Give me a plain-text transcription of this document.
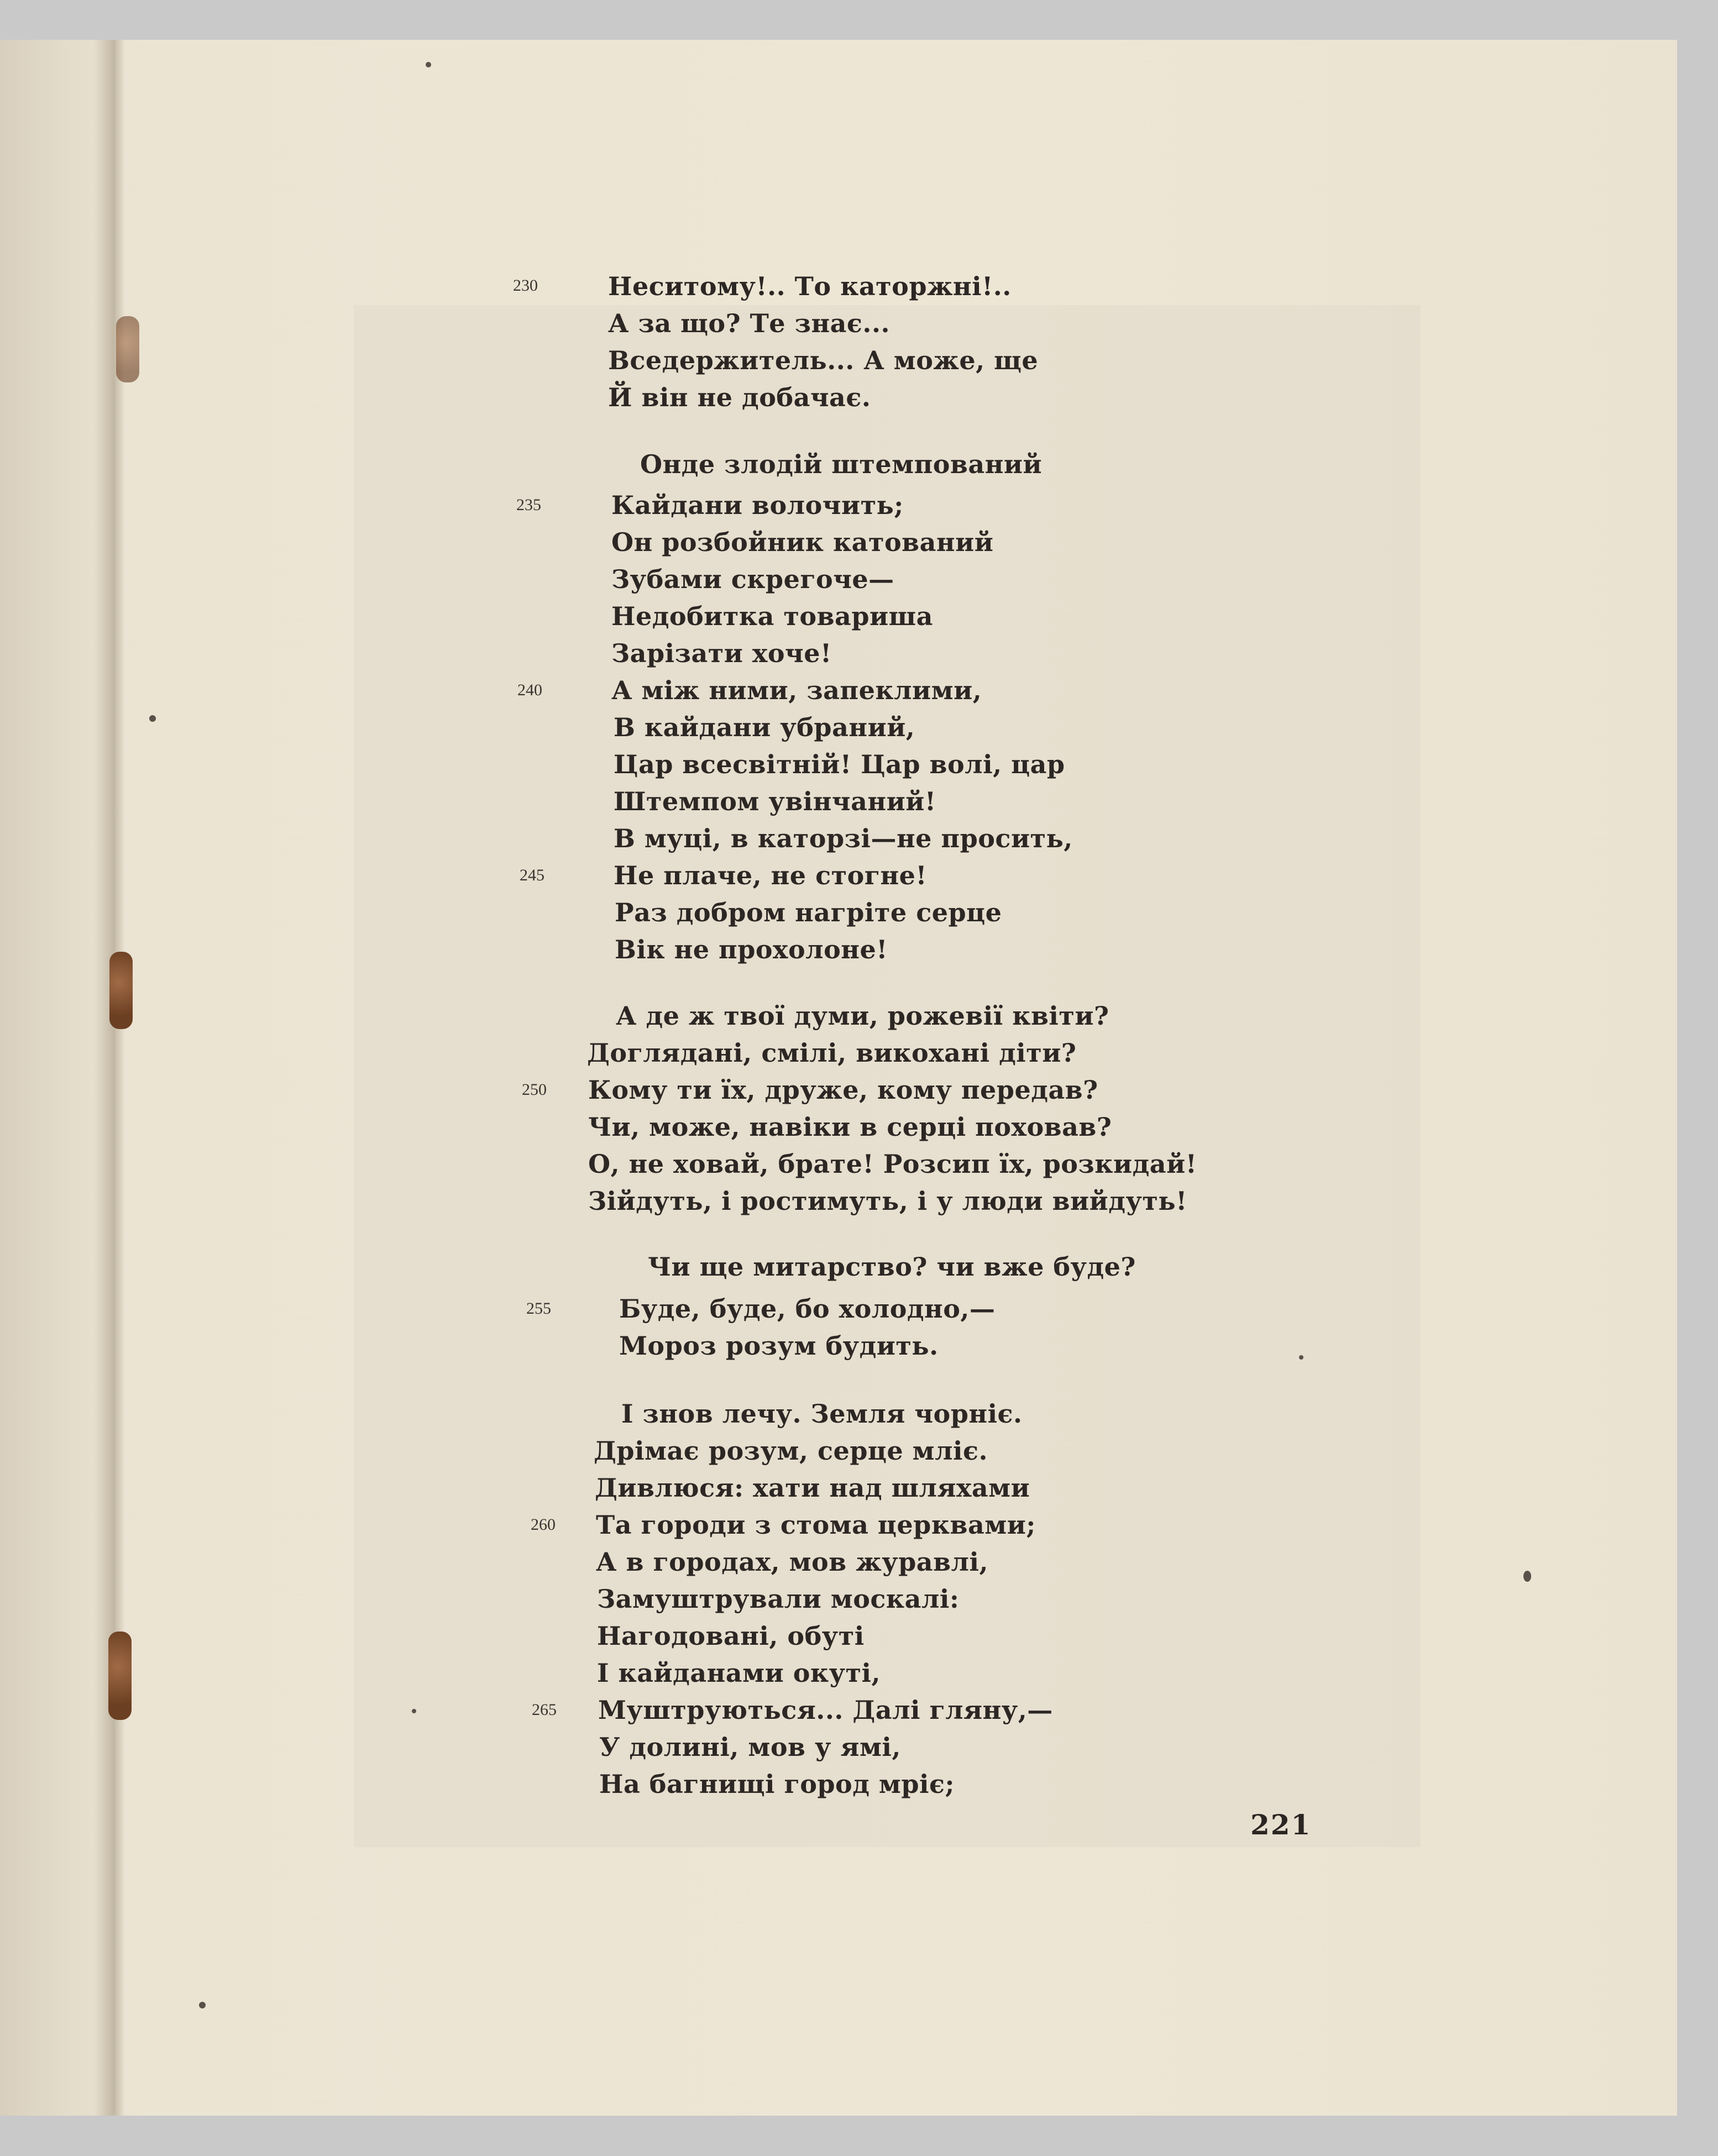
230	Неситому!.. То каторжні!..
А за що? Те знає...
Вседержитель... А може, ще
Й він не добачає.
Онде злодій штемпований
235	Кайдани волочить;
Он розбойник катований
Зубами скрегоче—
Недобитка товариша
Зарізати хоче!
240	А між ними, запеклими,
В кайдани убраний,
Цар всесвітній! Цар волі, цар
Штемпом увінчаний!
В муці, в каторзі—не просить,
245	Не плаче, не стогне!
Раз добром нагріте серце
Вік не прохолоне!
А де ж твої думи, рожевії квіти?
Доглядані, смілі, викохані діти?
250 Кому ти їх, друже, кому передав?
Чи, може, навіки в серці поховав?
О, не ховай, брате! Розсип їх, розкидай!
Зійдуть, і ростимуть, і у люди вийдуть!
Чи ще митарство? чи вже буде?
255	Буде, буде, бо холодно,—
Мороз розум будить.
І знов лечу. Земля чорніє.
Дрімає розум, серце мліє.
Дивлюся: хати над шляхами
260 Та городи з стома церквами;
А в городах, мов журавлі,
Замуштрували москалі:
Нагодовані, обуті
І кайданами окуті,
265 Муштруються... Далі гляну,—
У долині, мов у ямі,
На багнищі город мріє;
221
